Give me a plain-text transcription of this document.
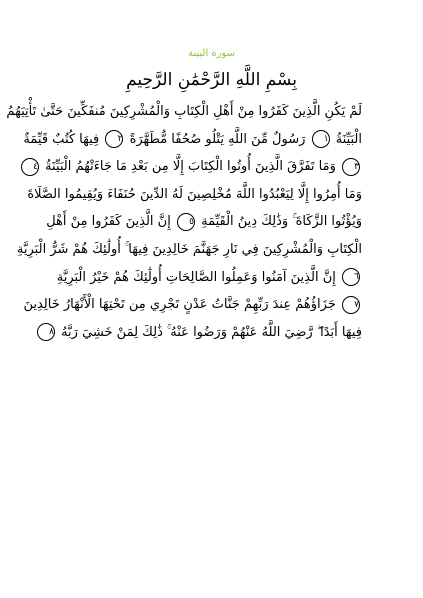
سورة البينة
بِسْمِ اللَّهِ الرَّحْمَٰنِ الرَّحِيمِ
لَمْ يَكُنِ الَّذِينَ كَفَرُوا مِنْ أَهْلِ الْكِتَابِ وَالْمُشْرِكِينَ مُنفَكِّينَ حَتَّىٰ تَأْتِيَهُمُ
الْبَيِّنَةُ ١ رَسُولٌ مِّنَ اللَّهِ يَتْلُو صُحُفًا مُّطَهَّرَةً ٢ فِيهَا كُتُبٌ قَيِّمَةٌ
٣ وَمَا تَفَرَّقَ الَّذِينَ أُوتُوا الْكِتَابَ إِلَّا مِن بَعْدِ مَا جَاءَتْهُمُ الْبَيِّنَةُ ٤
وَمَا أُمِرُوا إِلَّا لِيَعْبُدُوا اللَّهَ مُخْلِصِينَ لَهُ الدِّينَ حُنَفَاءَ وَيُقِيمُوا الصَّلَاةَ
وَيُؤْتُوا الزَّكَاةَ وَذَٰلِكَ دِينُ الْقَيِّمَةِ ٥ إِنَّ الَّذِينَ كَفَرُوا مِنْ أَهْلِ
الْكِتَابِ وَالْمُشْرِكِينَ فِي نَارِ جَهَنَّمَ خَالِدِينَ فِيهَا أُولَٰئِكَ هُمْ شَرُّ الْبَرِيَّةِ
٦ إِنَّ الَّذِينَ آمَنُوا وَعَمِلُوا الصَّالِحَاتِ أُولَٰئِكَ هُمْ خَيْرُ الْبَرِيَّةِ
٧ جَزَاؤُهُمْ عِندَ رَبِّهِمْ جَنَّاتُ عَدْنٍ تَجْرِي مِن تَحْتِهَا الْأَنْهَارُ خَالِدِينَ
فِيهَا أَبَدًا رَّضِيَ اللَّهُ عَنْهُمْ وَرَضُوا عَنْهُ ذَٰلِكَ لِمَنْ خَشِيَ رَبَّهُ ٨
